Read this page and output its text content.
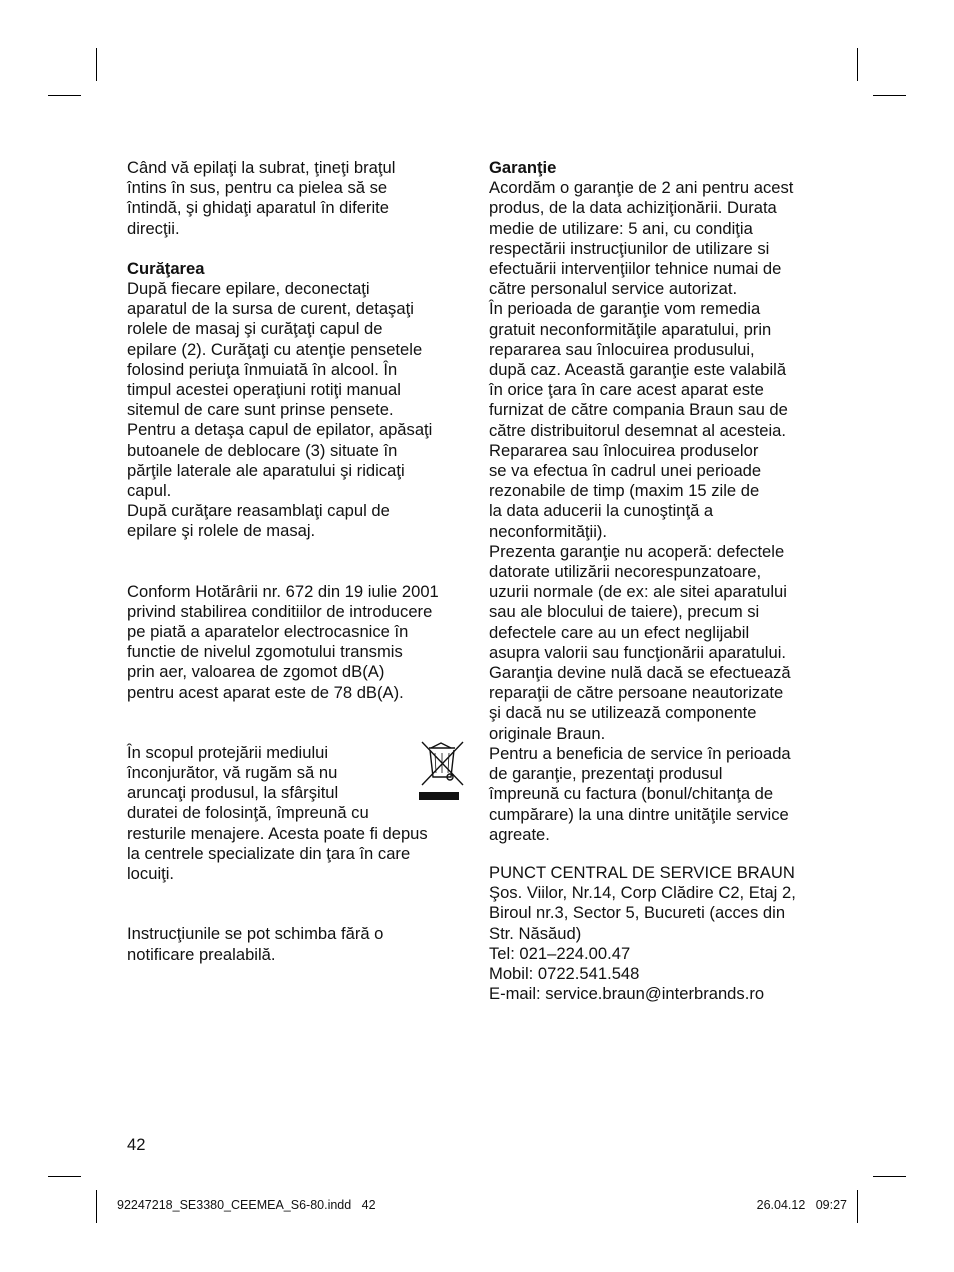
Când vă epilaţi la subrat, ţineţi braţul
întins în sus, pentru ca pielea să se
întindă, şi ghidaţi aparatul în diferite
direcţii.
Curăţarea
După fiecare epilare, deconectaţi
aparatul de la sursa de curent, detaşaţi
rolele de masaj şi curăţaţi capul de
epilare (2). Curăţaţi cu atenţie pensetele
folosind periuţa înmuiată în alcool. În
timpul acestei operaţiuni rotiţi manual
sitemul de care sunt prinse pensete.
Pentru a detaşa capul de epilator, apăsaţi
butoanele de deblocare (3) situate în
părţile laterale ale aparatului şi ridicaţi
capul.
După curăţare reasamblaţi capul de
epilare şi rolele de masaj.
Conform Hotărârii nr. 672 din 19 iulie 2001
privind stabilirea conditiilor de introducere
pe piată a aparatelor electrocasnice în
functie de nivelul zgomotului transmis
prin aer, valoarea de zgomot dB(A)
pentru acest aparat este de 78 dB(A).
În scopul protejării mediului
înconjurător, vă rugăm să nu
aruncaţi produsul, la sfârşitul
duratei de folosinţă, împreună cu
resturile menajere. Acesta poate fi depus
la centrele specializate din ţara în care
locuiţi.
Instrucţiunile se pot schimba fără o
notificare prealabilă.
Garanţie
Acordăm o garanţie de 2 ani pentru acest
produs, de la data achiziţionării. Durata
medie de utilizare: 5 ani, cu condiţia
respectării instrucţiunilor de utilizare si
efectuării intervenţiilor tehnice numai de
către personalul service autorizat.
În perioada de garanţie vom remedia
gratuit neconformităţile aparatului, prin
repararea sau înlocuirea produsului,
după caz. Această garanţie este valabilă
în orice ţara în care acest aparat este
furnizat de către compania Braun sau de
către distribuitorul desemnat al acesteia.
Repararea sau înlocuirea produselor
se va efectua în cadrul unei perioade
rezonabile de timp (maxim 15 zile de
la data aducerii la cunoştinţă a
neconformităţii).
Prezenta garanţie nu acoperă: defectele
datorate utilizării necorespunzatoare,
uzurii normale (de ex: ale sitei aparatului
sau ale blocului de taiere), precum si
defectele care au un efect neglijabil
asupra valorii sau funcţionării aparatului.
Garanţia devine nulă dacă se efectuează
reparaţii de către persoane neautorizate
şi dacă nu se utilizează componente
originale Braun.
Pentru a beneficia de service în perioada
de garanţie, prezentaţi produsul
împreună cu factura (bonul/chitanţa de
cumpărare) la una dintre unităţile service
agreate.
PUNCT CENTRAL DE SERVICE BRAUN
Şos. Viilor, Nr.14, Corp Clădire C2, Etaj 2,
Biroul nr.3, Sector 5, Bucureti (acces din
Str. Năsăud)
Tel: 021–224.00.47
Mobil: 0722.541.548
E-mail: service.braun@interbrands.ro
42
92247218_SE3380_CEEMEA_S6-80.indd   42	26.04.12   09:27
